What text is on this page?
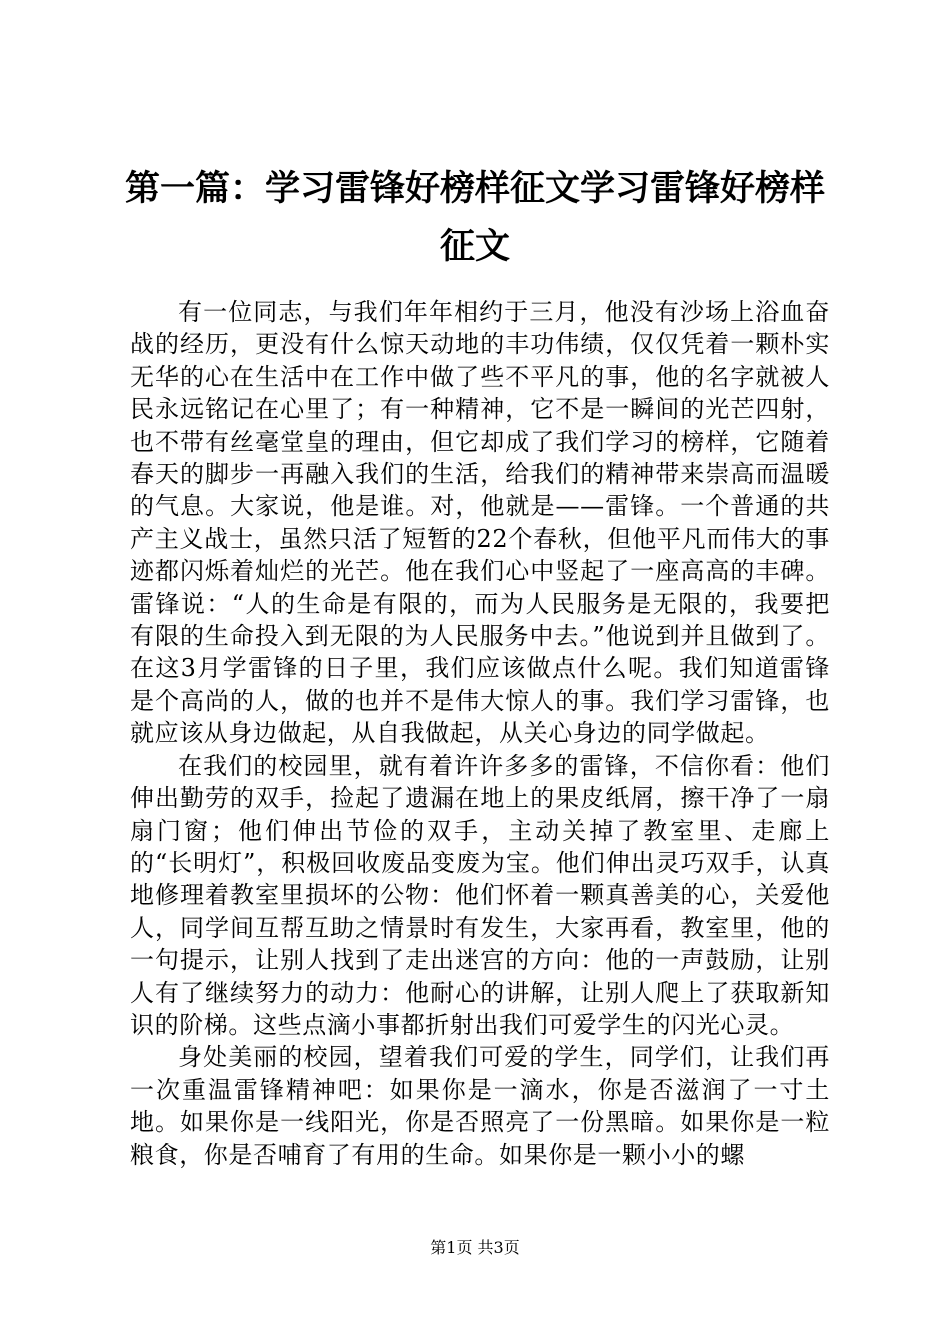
第一篇：学习雷锋好榜样征文学习雷锋好榜样征文

有一位同志，与我们年年相约于三月，他没有沙场上浴血奋战的经历，更没有什么惊天动地的丰功伟绩，仅仅凭着一颗朴实无华的心在生活中在工作中做了些不平凡的事，他的名字就被人民永远铭记在心里了；有一种精神，它不是一瞬间的光芒四射，也不带有丝毫堂皇的理由，但它却成了我们学习的榜样，它随着春天的脚步一再融入我们的生活，给我们的精神带来崇高而温暖的气息。大家说，他是谁。对，他就是——雷锋。一个普通的共产主义战士，虽然只活了短暂的22个春秋，但他平凡而伟大的事迹都闪烁着灿烂的光芒。他在我们心中竖起了一座高高的丰碑。雷锋说：“人的生命是有限的，而为人民服务是无限的，我要把有限的生命投入到无限的为人民服务中去。”他说到并且做到了。在这3月学雷锋的日子里，我们应该做点什么呢。我们知道雷锋是个高尚的人，做的也并不是伟大惊人的事。我们学习雷锋，也就应该从身边做起，从自我做起，从关心身边的同学做起。

在我们的校园里，就有着许许多多的雷锋，不信你看：他们伸出勤劳的双手，捡起了遗漏在地上的果皮纸屑，擦干净了一扇扇门窗；他们伸出节俭的双手，主动关掉了教室里、走廊上的“长明灯”，积极回收废品变废为宝。他们伸出灵巧双手，认真地修理着教室里损坏的公物：他们怀着一颗真善美的心，关爱他人，同学间互帮互助之情景时有发生，大家再看，教室里，他的一句提示，让别人找到了走出迷宫的方向：他的一声鼓励，让别人有了继续努力的动力：他耐心的讲解，让别人爬上了获取新知识的阶梯。这些点滴小事都折射出我们可爱学生的闪光心灵。

身处美丽的校园，望着我们可爱的学生，同学们，让我们再一次重温雷锋精神吧：如果你是一滴水，你是否滋润了一寸土地。如果你是一线阳光，你是否照亮了一份黑暗。如果你是一粒粮食，你是否哺育了有用的生命。如果你是一颗小小的螺

第1页 共3页
